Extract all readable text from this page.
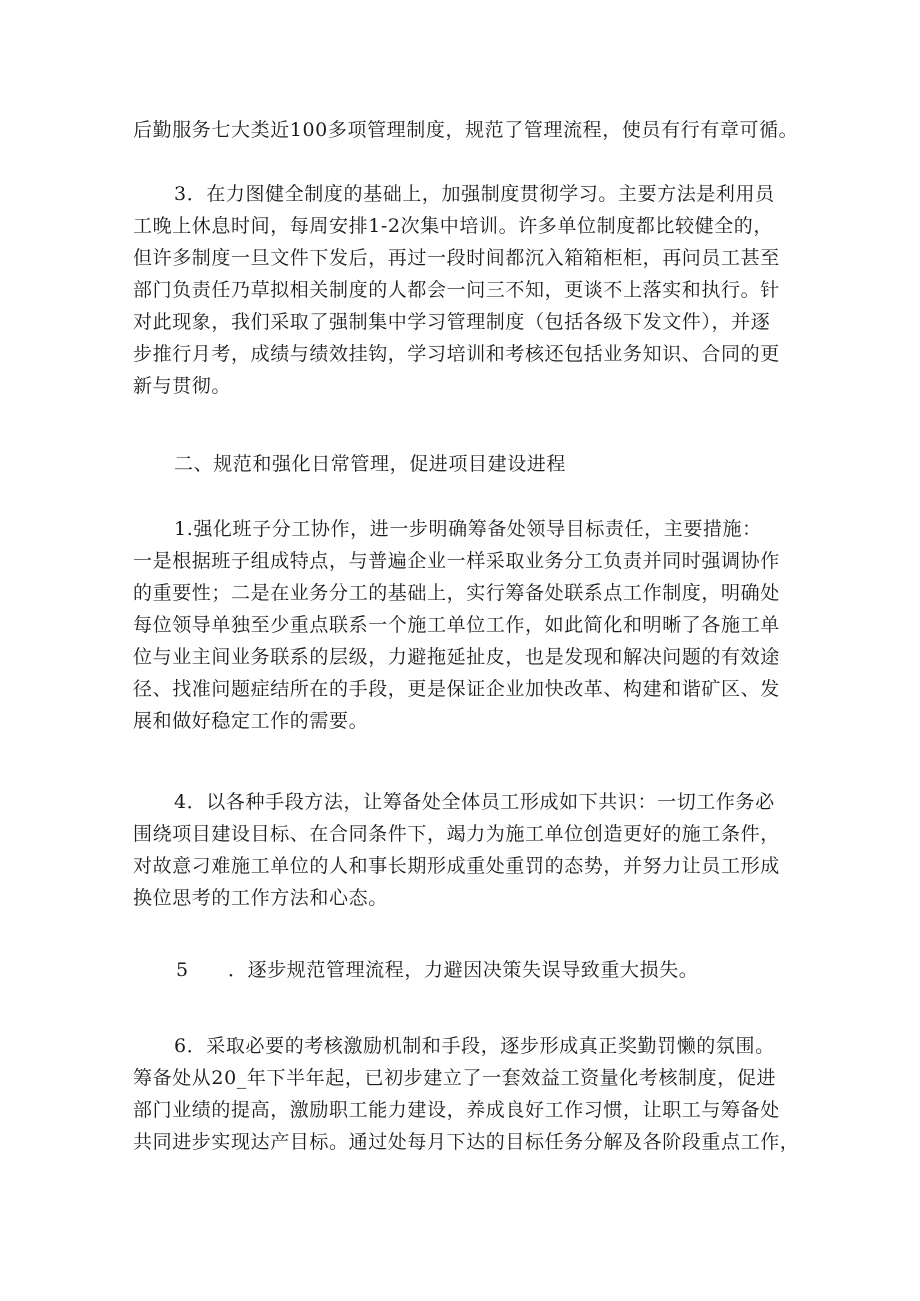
后勤服务七大类近100多项管理制度，规范了管理流程，使员有行有章可循。
3．在力图健全制度的基础上，加强制度贯彻学习。主要方法是利用员
工晚上休息时间，每周安排1-2次集中培训。许多单位制度都比较健全的，
但许多制度一旦文件下发后，再过一段时间都沉入箱箱柜柜，再问员工甚至
部门负责任乃草拟相关制度的人都会一问三不知，更谈不上落实和执行。针
对此现象，我们采取了强制集中学习管理制度（包括各级下发文件），并逐
步推行月考，成绩与绩效挂钩，学习培训和考核还包括业务知识、合同的更
新与贯彻。
二、规范和强化日常管理，促进项目建设进程
1.强化班子分工协作，进一步明确筹备处领导目标责任，主要措施：
一是根据班子组成特点，与普遍企业一样采取业务分工负责并同时强调协作
的重要性；二是在业务分工的基础上，实行筹备处联系点工作制度，明确处
每位领导单独至少重点联系一个施工单位工作，如此简化和明晰了各施工单
位与业主间业务联系的层级，力避拖延扯皮，也是发现和解决问题的有效途
径、找准问题症结所在的手段，更是保证企业加快改革、构建和谐矿区、发
展和做好稳定工作的需要。
4．以各种手段方法，让筹备处全体员工形成如下共识：一切工作务必
围绕项目建设目标、在合同条件下，竭力为施工单位创造更好的施工条件，
对故意刁难施工单位的人和事长期形成重处重罚的态势，并努力让员工形成
换位思考的工作方法和心态。
5 ．逐步规范管理流程，力避因决策失误导致重大损失。
6．采取必要的考核激励机制和手段，逐步形成真正奖勤罚懒的氛围。
筹备处从20_年下半年起，已初步建立了一套效益工资量化考核制度，促进
部门业绩的提高，激励职工能力建设，养成良好工作习惯，让职工与筹备处
共同进步实现达产目标。通过处每月下达的目标任务分解及各阶段重点工作，
